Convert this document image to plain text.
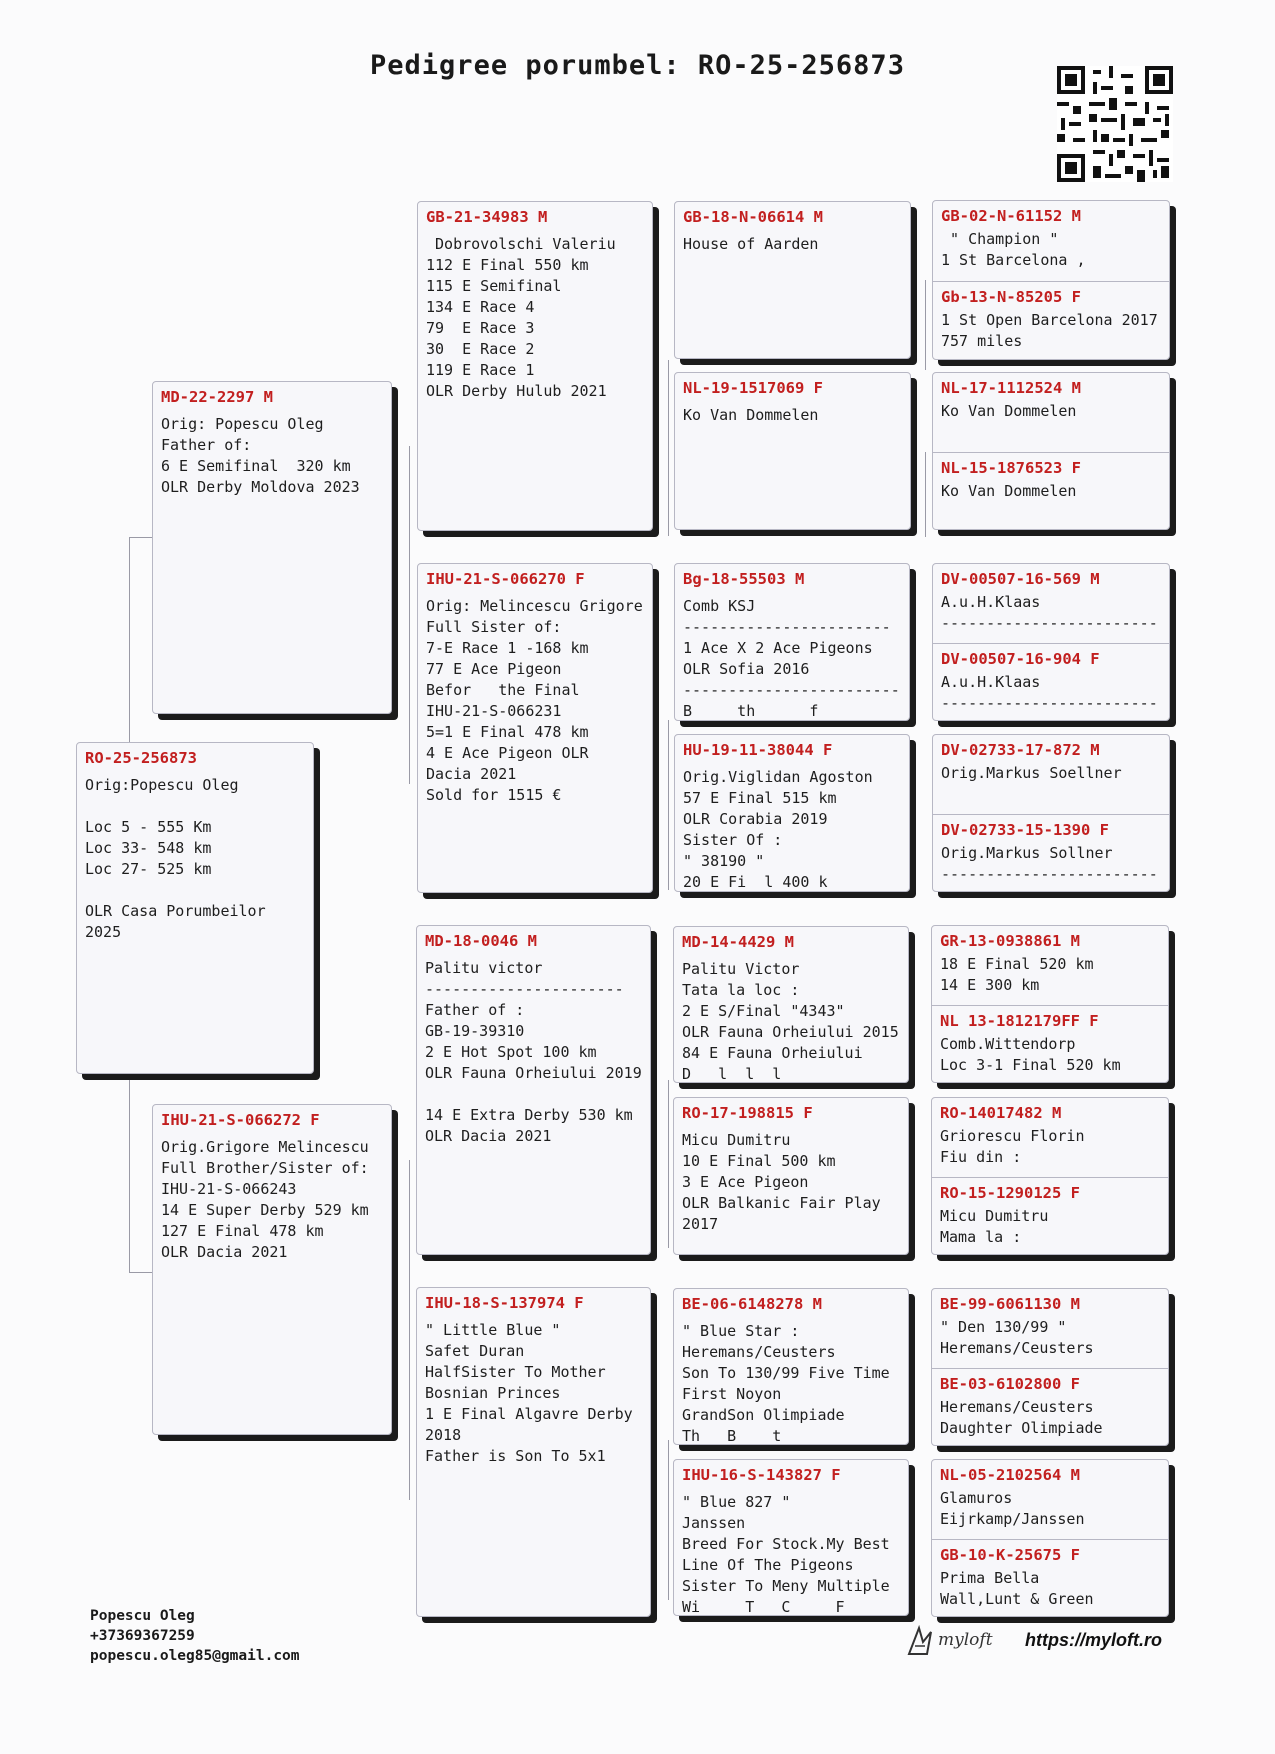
Pedigree porumbel: RO-25-256873
RO-25-256873
Orig:Popescu Oleg

Loc 5 - 555 Km
Loc 33- 548 km
Loc 27- 525 km

OLR Casa Porumbeilor
2025
MD-22-2297 M
Orig: Popescu Oleg
Father of:
6 E Semifinal  320 km
OLR Derby Moldova 2023
IHU-21-S-066272 F
Orig.Grigore Melincescu
Full Brother/Sister of:
IHU-21-S-066243
14 E Super Derby 529 km
127 E Final 478 km
OLR Dacia 2021
GB-21-34983 M
Dobrovolschi Valeriu
112 E Final 550 km
115 E Semifinal
134 E Race 4
79  E Race 3
30  E Race 2
119 E Race 1
OLR Derby Hulub 2021
IHU-21-S-066270 F
Orig: Melincescu Grigore
Full Sister of:
7-E Race 1 -168 km
77 E Ace Pigeon
Befor   the Final
IHU-21-S-066231
5=1 E Final 478 km
4 E Ace Pigeon OLR
Dacia 2021
Sold for 1515 €
MD-18-0046 M
Palitu victor
----------------------
Father of :
GB-19-39310
2 E Hot Spot 100 km
OLR Fauna Orheiului 2019

14 E Extra Derby 530 km
OLR Dacia 2021
IHU-18-S-137974 F
" Little Blue "
Safet Duran
HalfSister To Mother
Bosnian Princes
1 E Final Algavre Derby
2018
Father is Son To 5x1
GB-18-N-06614 M
House of Aarden
NL-19-1517069 F
Ko Van Dommelen
Bg-18-55503 M
Comb KSJ
-----------------------
1 Ace X 2 Ace Pigeons
OLR Sofia 2016
------------------------
B     th      f
HU-19-11-38044 F
Orig.Viglidan Agoston
57 E Final 515 km
OLR Corabia 2019
Sister Of :
" 38190 "
20 E Fi  l 400 k
MD-14-4429 M
Palitu Victor
Tata la loc :
2 E S/Final "4343"
OLR Fauna Orheiului 2015
84 E Fauna Orheiului
D   l  l  l
RO-17-198815 F
Micu Dumitru
10 E Final 500 km
3 E Ace Pigeon
OLR Balkanic Fair Play
2017
BE-06-6148278 M
" Blue Star :
Heremans/Ceusters
Son To 130/99 Five Time
First Noyon
GrandSon Olimpiade
Th   B    t
IHU-16-S-143827 F
" Blue 827 "
Janssen
Breed For Stock.My Best
Line Of The Pigeons
Sister To Meny Multiple
Wi     T   C     F
GB-02-N-61152 M
" Champion "
1 St Barcelona ,
Gb-13-N-85205 F
1 St Open Barcelona 2017
757 miles
NL-17-1112524 M
Ko Van Dommelen
NL-15-1876523 F
Ko Van Dommelen
DV-00507-16-569 M
A.u.H.Klaas
------------------------
DV-00507-16-904 F
A.u.H.Klaas
------------------------
DV-02733-17-872 M
Orig.Markus Soellner
DV-02733-15-1390 F
Orig.Markus Sollner
------------------------
GR-13-0938861 M
18 E Final 520 km
14 E 300 km
NL 13-1812179FF F
Comb.Wittendorp
Loc 3-1 Final 520 km
RO-14017482 M
Griorescu Florin
Fiu din :
RO-15-1290125 F
Micu Dumitru
Mama la :
BE-99-6061130 M
" Den 130/99 "
Heremans/Ceusters
BE-03-6102800 F
Heremans/Ceusters
Daughter Olimpiade
NL-05-2102564 M
Glamuros
Eijrkamp/Janssen
GB-10-K-25675 F
Prima Bella
Wall,Lunt & Green
Popescu Oleg
+37369367259
popescu.oleg85@gmail.com
myloft https://myloft.ro
